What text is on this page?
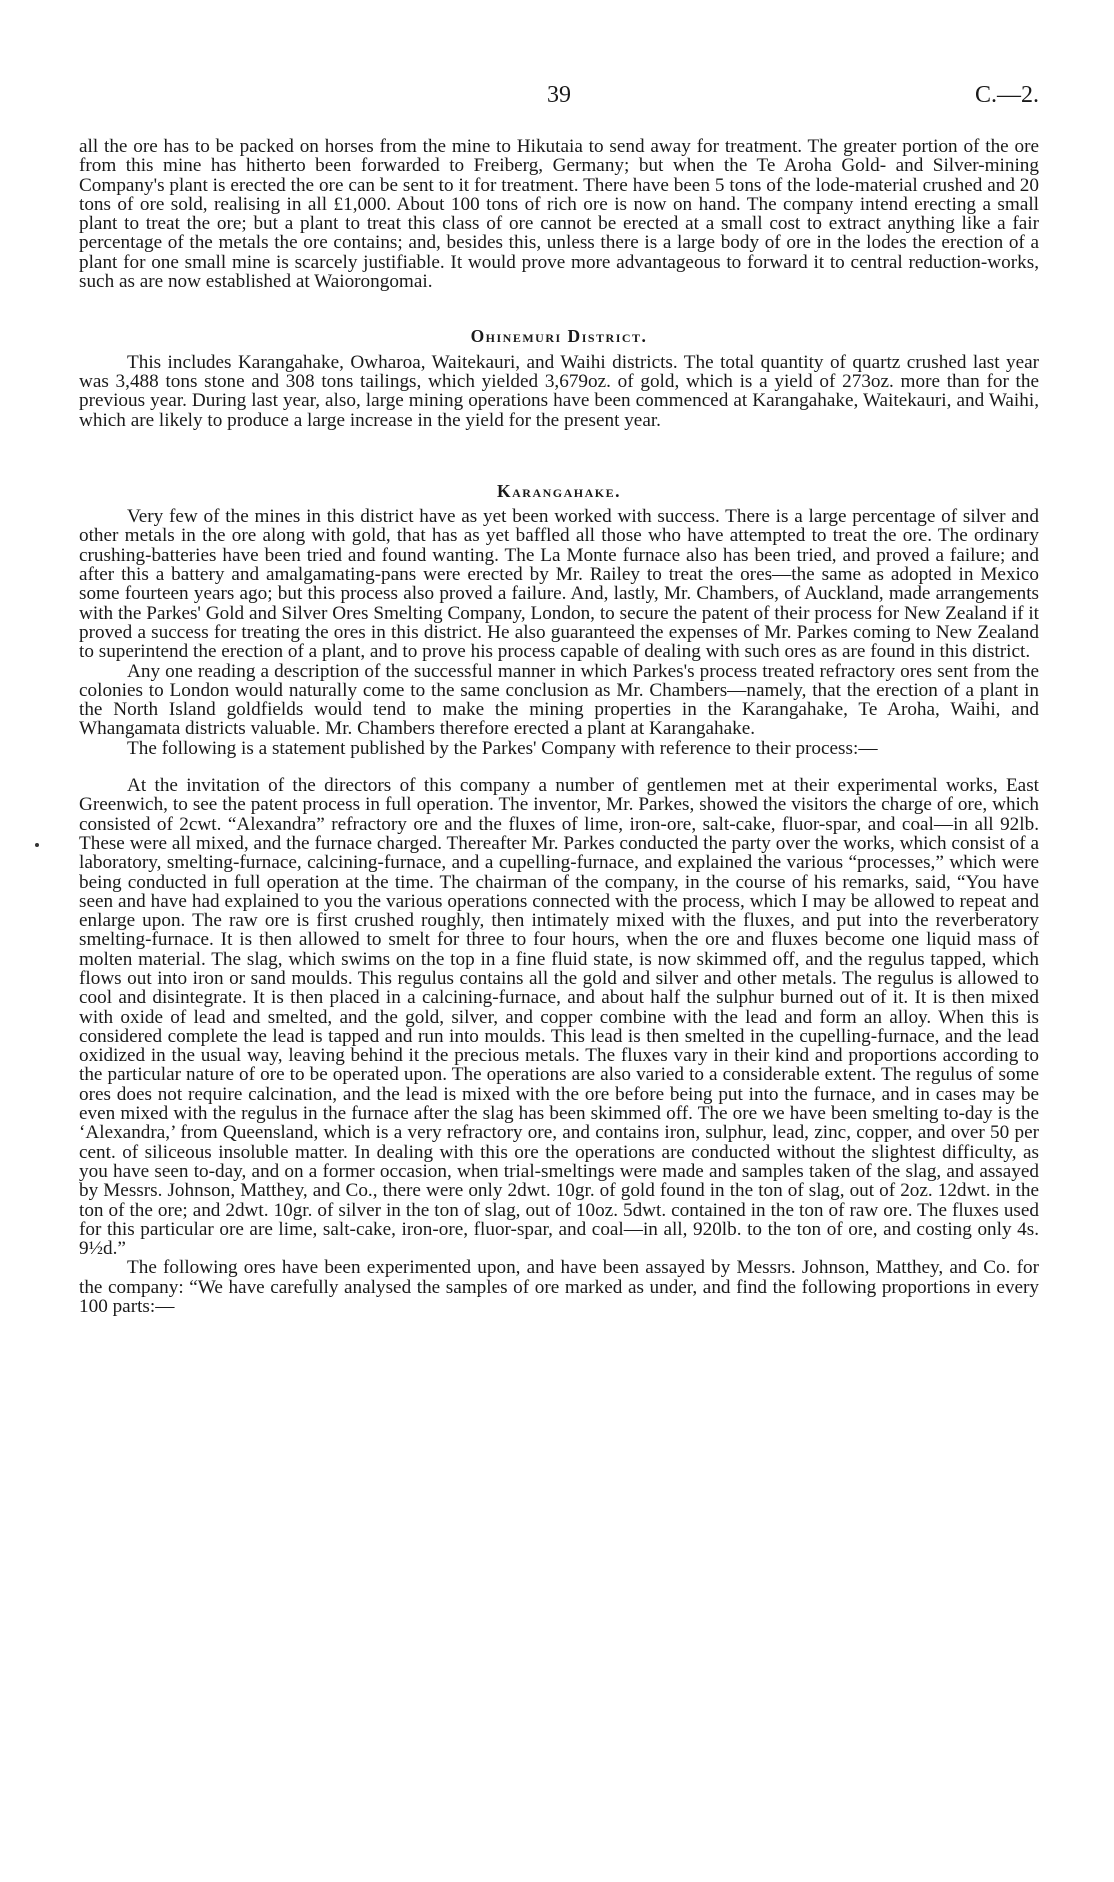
39	C.—2.

all the ore has to be packed on horses from the mine to Hikutaia to send away for treatment. The greater portion of the ore from this mine has hitherto been forwarded to Freiberg, Germany; but when the Te Aroha Gold- and Silver-mining Company's plant is erected the ore can be sent to it for treatment. There have been 5 tons of the lode-material crushed and 20 tons of ore sold, realising in all £1,000. About 100 tons of rich ore is now on hand. The company intend erecting a small plant to treat the ore; but a plant to treat this class of ore cannot be erected at a small cost to extract anything like a fair percentage of the metals the ore contains; and, besides this, unless there is a large body of ore in the lodes the erection of a plant for one small mine is scarcely justifiable. It would prove more advantageous to forward it to central reduction-works, such as are now established at Waiorongomai.

Ohinemuri District.

This includes Karangahake, Owharoa, Waitekauri, and Waihi districts. The total quantity of quartz crushed last year was 3,488 tons stone and 308 tons tailings, which yielded 3,679oz. of gold, which is a yield of 273oz. more than for the previous year. During last year, also, large mining operations have been commenced at Karangahake, Waitekauri, and Waihi, which are likely to produce a large increase in the yield for the present year.

Karangahake.

Very few of the mines in this district have as yet been worked with success. There is a large percentage of silver and other metals in the ore along with gold, that has as yet baffled all those who have attempted to treat the ore. The ordinary crushing-batteries have been tried and found wanting. The La Monte furnace also has been tried, and proved a failure; and after this a battery and amalgamating-pans were erected by Mr. Railey to treat the ores—the same as adopted in Mexico some fourteen years ago; but this process also proved a failure. And, lastly, Mr. Chambers, of Auckland, made arrangements with the Parkes' Gold and Silver Ores Smelting Company, London, to secure the patent of their process for New Zealand if it proved a success for treating the ores in this district. He also guaranteed the expenses of Mr. Parkes coming to New Zealand to superintend the erection of a plant, and to prove his process capable of dealing with such ores as are found in this district.

Any one reading a description of the successful manner in which Parkes's process treated refractory ores sent from the colonies to London would naturally come to the same conclusion as Mr. Chambers—namely, that the erection of a plant in the North Island goldfields would tend to make the mining properties in the Karangahake, Te Aroha, Waihi, and Whangamata districts valuable. Mr. Chambers therefore erected a plant at Karangahake.

The following is a statement published by the Parkes' Company with reference to their process:—

At the invitation of the directors of this company a number of gentlemen met at their experimental works, East Greenwich, to see the patent process in full operation. The inventor, Mr. Parkes, showed the visitors the charge of ore, which consisted of 2cwt. “Alexandra” refractory ore and the fluxes of lime, iron-ore, salt-cake, fluor-spar, and coal—in all 92lb. These were all mixed, and the furnace charged. Thereafter Mr. Parkes conducted the party over the works, which consist of a laboratory, smelting-furnace, calcining-furnace, and a cupelling-furnace, and explained the various “processes,” which were being conducted in full operation at the time. The chairman of the company, in the course of his remarks, said, “You have seen and have had explained to you the various operations connected with the process, which I may be allowed to repeat and enlarge upon. The raw ore is first crushed roughly, then intimately mixed with the fluxes, and put into the reverberatory smelting-furnace. It is then allowed to smelt for three to four hours, when the ore and fluxes become one liquid mass of molten material. The slag, which swims on the top in a fine fluid state, is now skimmed off, and the regulus tapped, which flows out into iron or sand moulds. This regulus contains all the gold and silver and other metals. The regulus is allowed to cool and disintegrate. It is then placed in a calcining-furnace, and about half the sulphur burned out of it. It is then mixed with oxide of lead and smelted, and the gold, silver, and copper combine with the lead and form an alloy. When this is considered complete the lead is tapped and run into moulds. This lead is then smelted in the cupelling-furnace, and the lead oxidized in the usual way, leaving behind it the precious metals. The fluxes vary in their kind and proportions according to the particular nature of ore to be operated upon. The operations are also varied to a considerable extent. The regulus of some ores does not require calcination, and the lead is mixed with the ore before being put into the furnace, and in cases may be even mixed with the regulus in the furnace after the slag has been skimmed off. The ore we have been smelting to-day is the ‘Alexandra,’ from Queensland, which is a very refractory ore, and contains iron, sulphur, lead, zinc, copper, and over 50 per cent. of siliceous insoluble matter. In dealing with this ore the operations are conducted without the slightest difficulty, as you have seen to-day, and on a former occasion, when trial-smeltings were made and samples taken of the slag, and assayed by Messrs. Johnson, Matthey, and Co., there were only 2dwt. 10gr. of gold found in the ton of slag, out of 2oz. 12dwt. in the ton of the ore; and 2dwt. 10gr. of silver in the ton of slag, out of 10oz. 5dwt. contained in the ton of raw ore. The fluxes used for this particular ore are lime, salt-cake, iron-ore, fluor-spar, and coal—in all, 920lb. to the ton of ore, and costing only 4s. 9½d.”

The following ores have been experimented upon, and have been assayed by Messrs. Johnson, Matthey, and Co. for the company: “We have carefully analysed the samples of ore marked as under, and find the following proportions in every 100 parts:—
